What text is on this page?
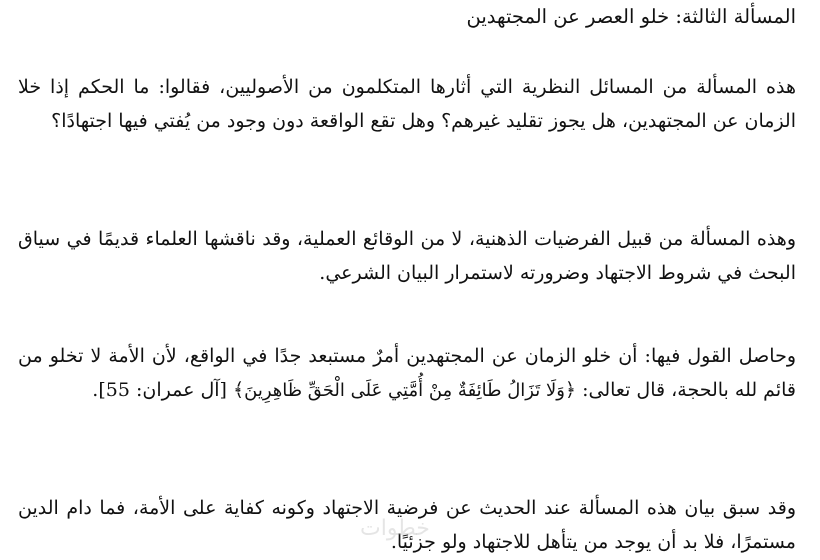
المسألة الثالثة: خلو العصر عن المجتهدين

هذه المسألة من المسائل النظرية التي أثارها المتكلمون من الأصوليين، فقالوا: ما الحكم إذا خلا الزمان عن المجتهدين، هل يجوز تقليد غيرهم؟ وهل تقع الواقعة دون وجود من يُفتي فيها اجتهادًا؟

وهذه المسألة من قبيل الفرضيات الذهنية، لا من الوقائع العملية، وقد ناقشها العلماء قديمًا في سياق البحث في شروط الاجتهاد وضرورته لاستمرار البيان الشرعي.

وحاصل القول فيها: أن خلو الزمان عن المجتهدين أمرٌ مستبعد جدًا في الواقع، لأن الأمة لا تخلو من قائم لله بالحجة، قال تعالى: ﴿وَلَا تَزَالُ طَائِفَةٌ مِنْ أُمَّتِي عَلَى الْحَقِّ ظَاهِرِينَ﴾ [آل عمران: 55].

وقد سبق بيان هذه المسألة عند الحديث عن فرضية الاجتهاد وكونه كفاية على الأمة، فما دام الدين مستمرًا، فلا بد أن يوجد من يتأهل للاجتهاد ولو جزئيًا.

خطوات
